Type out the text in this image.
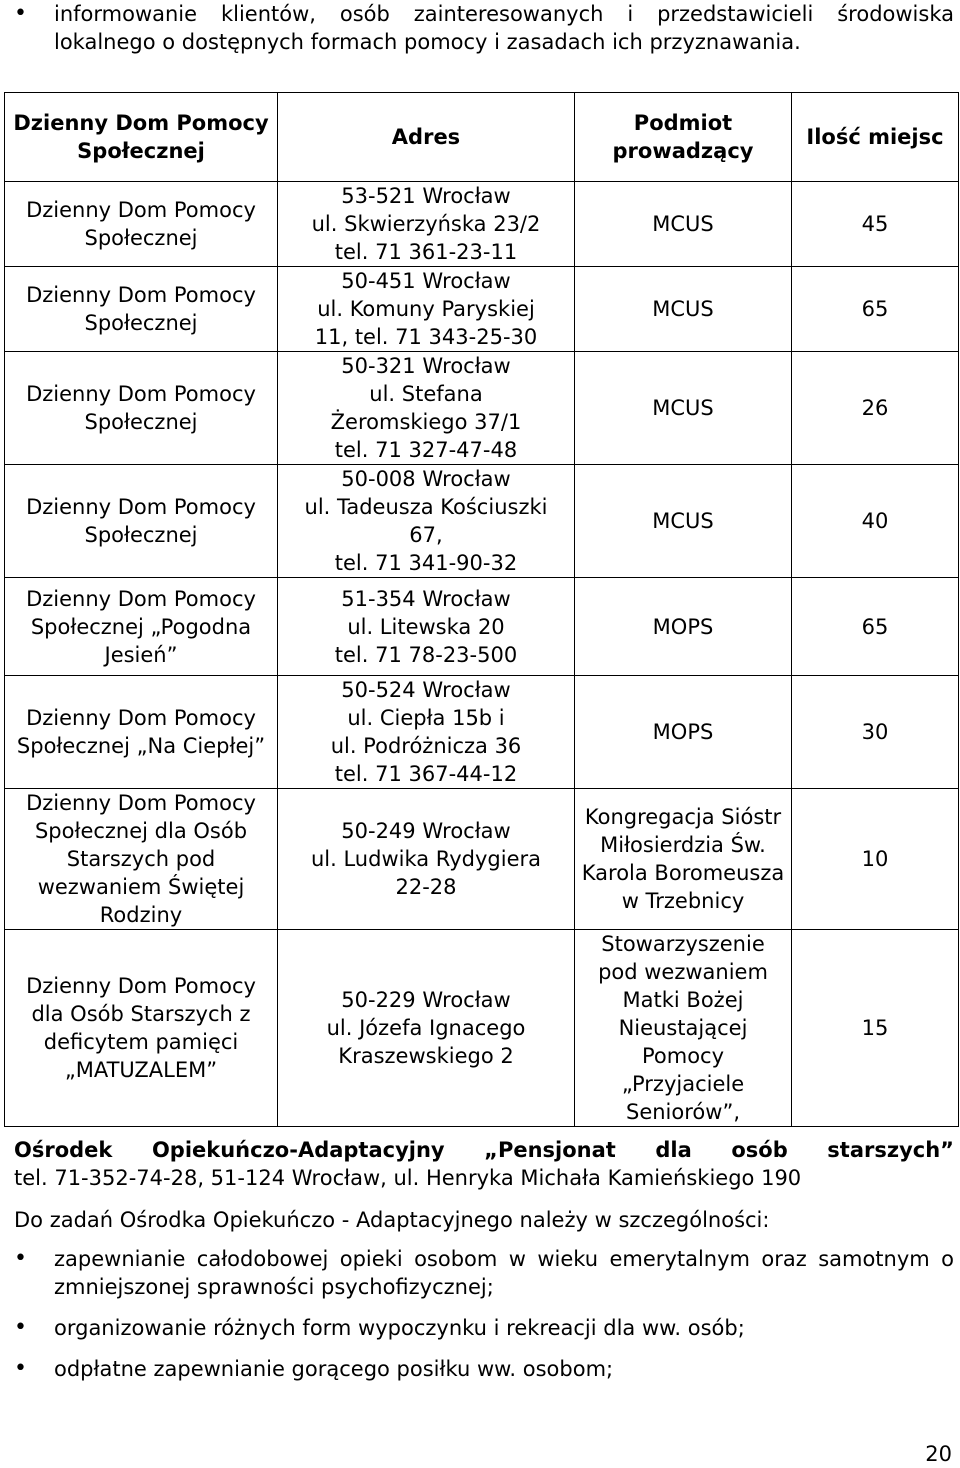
•	informowanie klientów, osób zainteresowanych i przedstawicieli środowiska lokalnego o dostępnych formach pomocy i zasadach ich przyznawania.
Dzienny Dom Pomocy Społecznej	Adres	Podmiot prowadzący	Ilość miejsc
Dzienny Dom Pomocy Społecznej	53-521 Wrocław
ul. Skwierzyńska 23/2
tel. 71 361-23-11	MCUS	45
Dzienny Dom Pomocy Społecznej	50-451 Wrocław
ul. Komuny Paryskiej
11, tel. 71 343-25-30	MCUS	65
Dzienny Dom Pomocy Społecznej	50-321 Wrocław
ul. Stefana
Żeromskiego 37/1
tel. 71 327-47-48	MCUS	26
Dzienny Dom Pomocy Społecznej	50-008 Wrocław
ul. Tadeusza Kościuszki
67,
tel. 71 341-90-32	MCUS	40
Dzienny Dom Pomocy Społecznej „Pogodna Jesień”	51-354 Wrocław
ul. Litewska 20
tel. 71 78-23-500	MOPS	65
Dzienny Dom Pomocy Społecznej „Na Ciepłej”	50-524 Wrocław
ul. Ciepła 15b i
ul. Podróżnicza 36
tel. 71 367-44-12	MOPS	30
Dzienny Dom Pomocy Społecznej dla Osób Starszych pod wezwaniem Świętej Rodziny	50-249 Wrocław
ul. Ludwika Rydygiera
22-28	Kongregacja Sióstr Miłosierdzia Św. Karola Boromeusza w Trzebnicy	10
Dzienny Dom Pomocy dla Osób Starszych z deficytem pamięci „MATUZALEM”	50-229 Wrocław
ul. Józefa Ignacego
Kraszewskiego 2	Stowarzyszenie pod wezwaniem Matki Bożej Nieustającej Pomocy „Przyjaciele Seniorów”,	15
Ośrodek Opiekuńczo-Adaptacyjny „Pensjonat dla osób starszych”
tel. 71-352-74-28, 51-124 Wrocław, ul. Henryka Michała Kamieńskiego 190
Do zadań Ośrodka Opiekuńczo - Adaptacyjnego należy w szczególności:
•	zapewnianie całodobowej opieki osobom w wieku emerytalnym oraz samotnym o zmniejszonej sprawności psychofizycznej;
•	organizowanie różnych form wypoczynku i rekreacji dla ww. osób;
•	odpłatne zapewnianie gorącego posiłku ww. osobom;
20
